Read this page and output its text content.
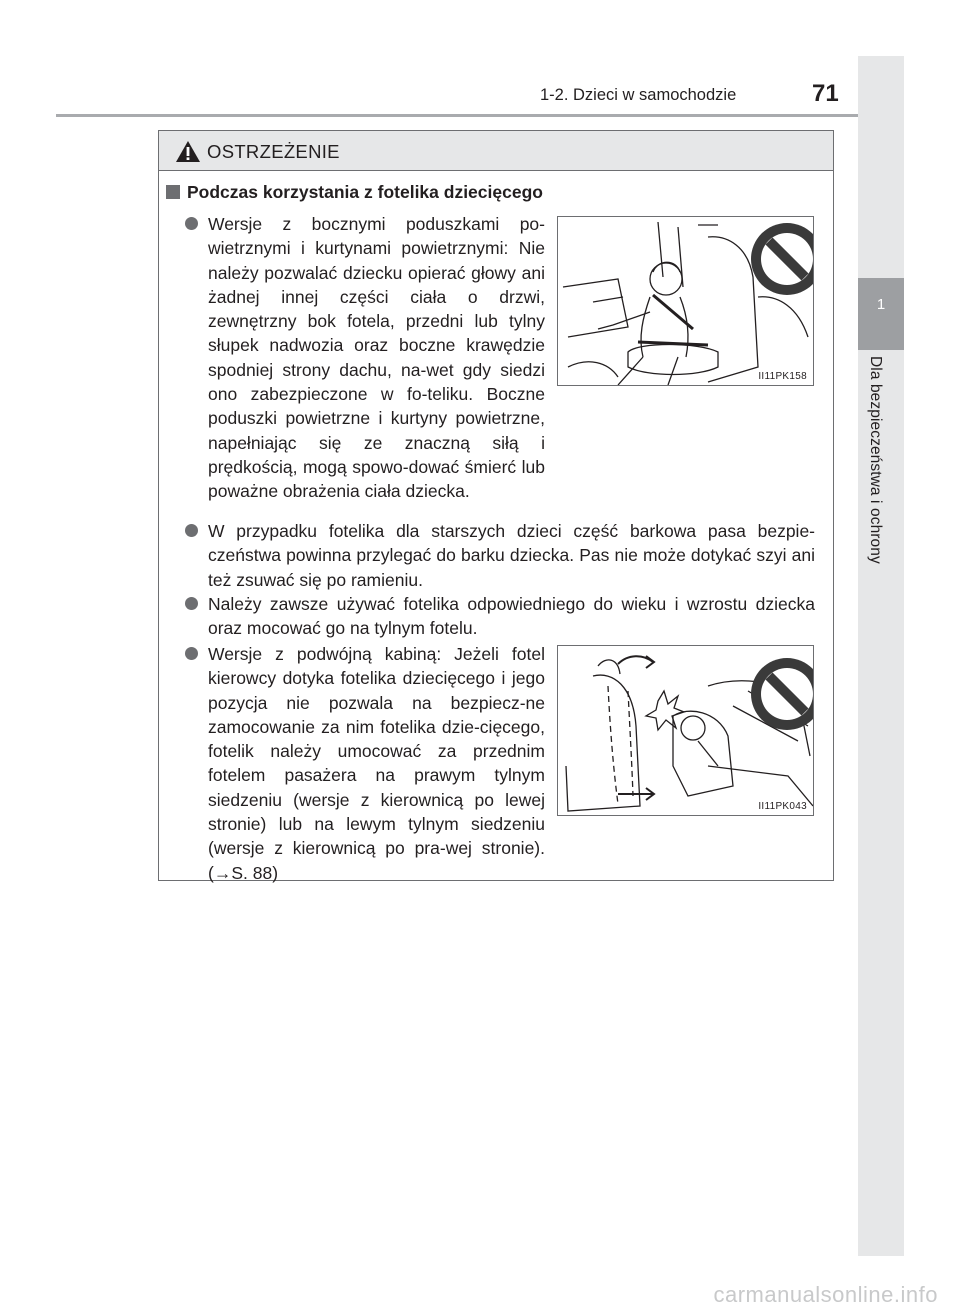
1-2. Dzieci w samochodzie	71
1
Dla bezpieczeństwa i ochrony
OSTRZEŻENIE
Podczas korzystania z fotelika dziecięcego
Wersje z bocznymi poduszkami po-wietrznymi i kurtynami powietrznymi: Nie należy pozwalać dziecku opierać głowy ani żadnej innej części ciała o drzwi, zewnętrzny bok fotela, przedni lub tylny słupek nadwozia oraz boczne krawędzie spodniej strony dachu, na-wet gdy siedzi ono zabezpieczone w fo-teliku. Boczne poduszki powietrzne i kurtyny powietrzne, napełniając się ze znaczną siłą i prędkością, mogą spowo-dować śmierć lub poważne obrażenia ciała dziecka.
II11PK158
W przypadku fotelika dla starszych dzieci część barkowa pasa bezpie-czeństwa powinna przylegać do barku dziecka. Pas nie może dotykać szyi ani też zsuwać się po ramieniu.
Należy zawsze używać fotelika odpowiedniego do wieku i wzrostu dziecka oraz mocować go na tylnym fotelu.
Wersje z podwójną kabiną: Jeżeli fotel kierowcy dotyka fotelika dziecięcego i jego pozycja nie pozwala na bezpiecz-ne zamocowanie za nim fotelika dzie-cięcego, fotelik należy umocować za przednim fotelem pasażera na prawym tylnym siedzeniu (wersje z kierownicą po lewej stronie) lub na lewym tylnym siedzeniu (wersje z kierownicą po pra-wej stronie). (→S. 88)
II11PK043
carmanualsonline.info
